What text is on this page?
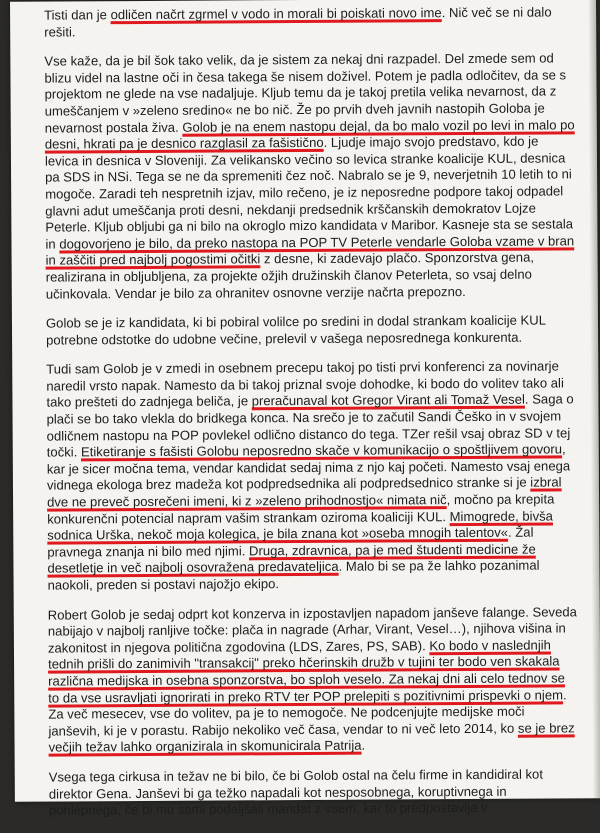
Tisti dan je odličen načrt zgrmel v vodo in morali bi poiskati novo ime. Nič več se ni dalo rešiti.

Vse kaže, da je bil šok tako velik, da je sistem za nekaj dni razpadel. Del zmede sem od blizu videl na lastne oči in česa takega še nisem doživel. Potem je padla odločitev, da se s projektom ne glede na vse nadaljuje. Kljub temu da je takoj pretila velika nevarnost, da z umeščanjem v »zeleno sredino« ne bo nič. Že po prvih dveh javnih nastopih Goloba je nevarnost postala živa. Golob je na enem nastopu dejal, da bo malo vozil po levi in malo po desni, hkrati pa je desnico razglasil za fašistično. Ljudje imajo svojo predstavo, kdo je levica in desnica v Sloveniji. Za velikansko večino so levica stranke koalicije KUL, desnica pa SDS in NSi. Tega se ne da spremeniti čez noč. Nabralo se je 9, neverjetnih 10 letih to ni mogoče. Zaradi teh nespretnih izjav, milo rečeno, je iz neposredne podpore takoj odpadel glavni adut umeščanja proti desni, nekdanji predsednik krščanskih demokratov Lojze Peterle. Kljub obljubi ga ni bilo na okroglo mizo kandidata v Maribor. Kasneje sta se sestala in dogovorjeno je bilo, da preko nastopa na POP TV Peterle vendarle Goloba vzame v bran in zaščiti pred najbolj pogostimi očitki z desne, ki zadevajo plačo. Sponzorstva gena, realizirana in obljubljena, za projekte ožjih družinskih članov Peterleta, so vsaj delno učinkovala. Vendar je bilo za ohranitev osnovne verzije načrta prepozno.

Golob se je iz kandidata, ki bi pobiral volilce po sredini in dodal strankam koalicije KUL potrebne odstotke do udobne večine, prelevil v vašega neposrednega konkurenta.

Tudi sam Golob je v zmedi in osebnem precepu takoj po tisti prvi konferenci za novinarje naredil vrsto napak. Namesto da bi takoj priznal svoje dohodke, ki bodo do volitev tako ali tako prešteti do zadnjega beliča, je preračunaval kot Gregor Virant ali Tomaž Vesel. Saga o plači se bo tako vlekla do bridkega konca. Na srečo je to začutil Sandi Češko in v svojem odličnem nastopu na POP povlekel odlično distanco do tega. TZer rešil vsaj obraz SD v tej točki. Etiketiranje s fašisti Golobu neposredno skače v komunikacijo o spoštljivem govoru, kar je sicer močna tema, vendar kandidat sedaj nima z njo kaj početi. Namesto vsaj enega vidnega ekologa brez madeža kot podpredsednika ali podpredsednico stranke si je izbral dve ne preveč posrečeni imeni, ki z »zeleno prihodnostjo« nimata nič, močno pa krepita konkurenčni potencial napram vašim strankam oziroma koaliciji KUL. Mimogrede, bivša sodnica Urška, nekoč moja kolegica, je bila znana kot »oseba mnogih talentov«. Žal pravnega znanja ni bilo med njimi. Druga, zdravnica, pa je med študenti medicine že desetletje in več najbolj osovražena predavateljica. Malo bi se pa že lahko pozanimal naokoli, preden si postavi najožjo ekipo.

Robert Golob je sedaj odprt kot konzerva in izpostavljen napadom janševe falange. Seveda nabijajo v najbolj ranljive točke: plača in nagrade (Arhar, Virant, Vesel…), njihova višina in zakonitost in njegova politična zgodovina (LDS, Zares, PS, SAB). Ko bodo v naslednjih tednih prišli do zanimivih "transakcij" preko hčerinskih družb v tujini ter bodo ven skakala različna medijska in osebna sponzorstva, bo sploh veselo. Za nekaj dni ali celo tednov se to da vse usravljati ignorirati in preko RTV ter POP prelepiti s pozitivnimi prispevki o njem. Za več mesecev, vse do volitev, pa je to nemogoče. Ne podcenjujte medijske moči janševih, ki je v porastu. Rabijo nekoliko več časa, vendar to ni več leto 2014, ko se je brez večjih težav lahko organizirala in skomunicirala Patrija.

Vsega tega cirkusa in težav ne bi bilo, če bi Golob ostal na čelu firme in kandidiral kot direktor Gena. Janševi bi ga težko napadali kot nesposobnega, koruptivnega in pohlepnega, če bi mu sami podaljšali mandat z vsem, kar to predpostavlja v
